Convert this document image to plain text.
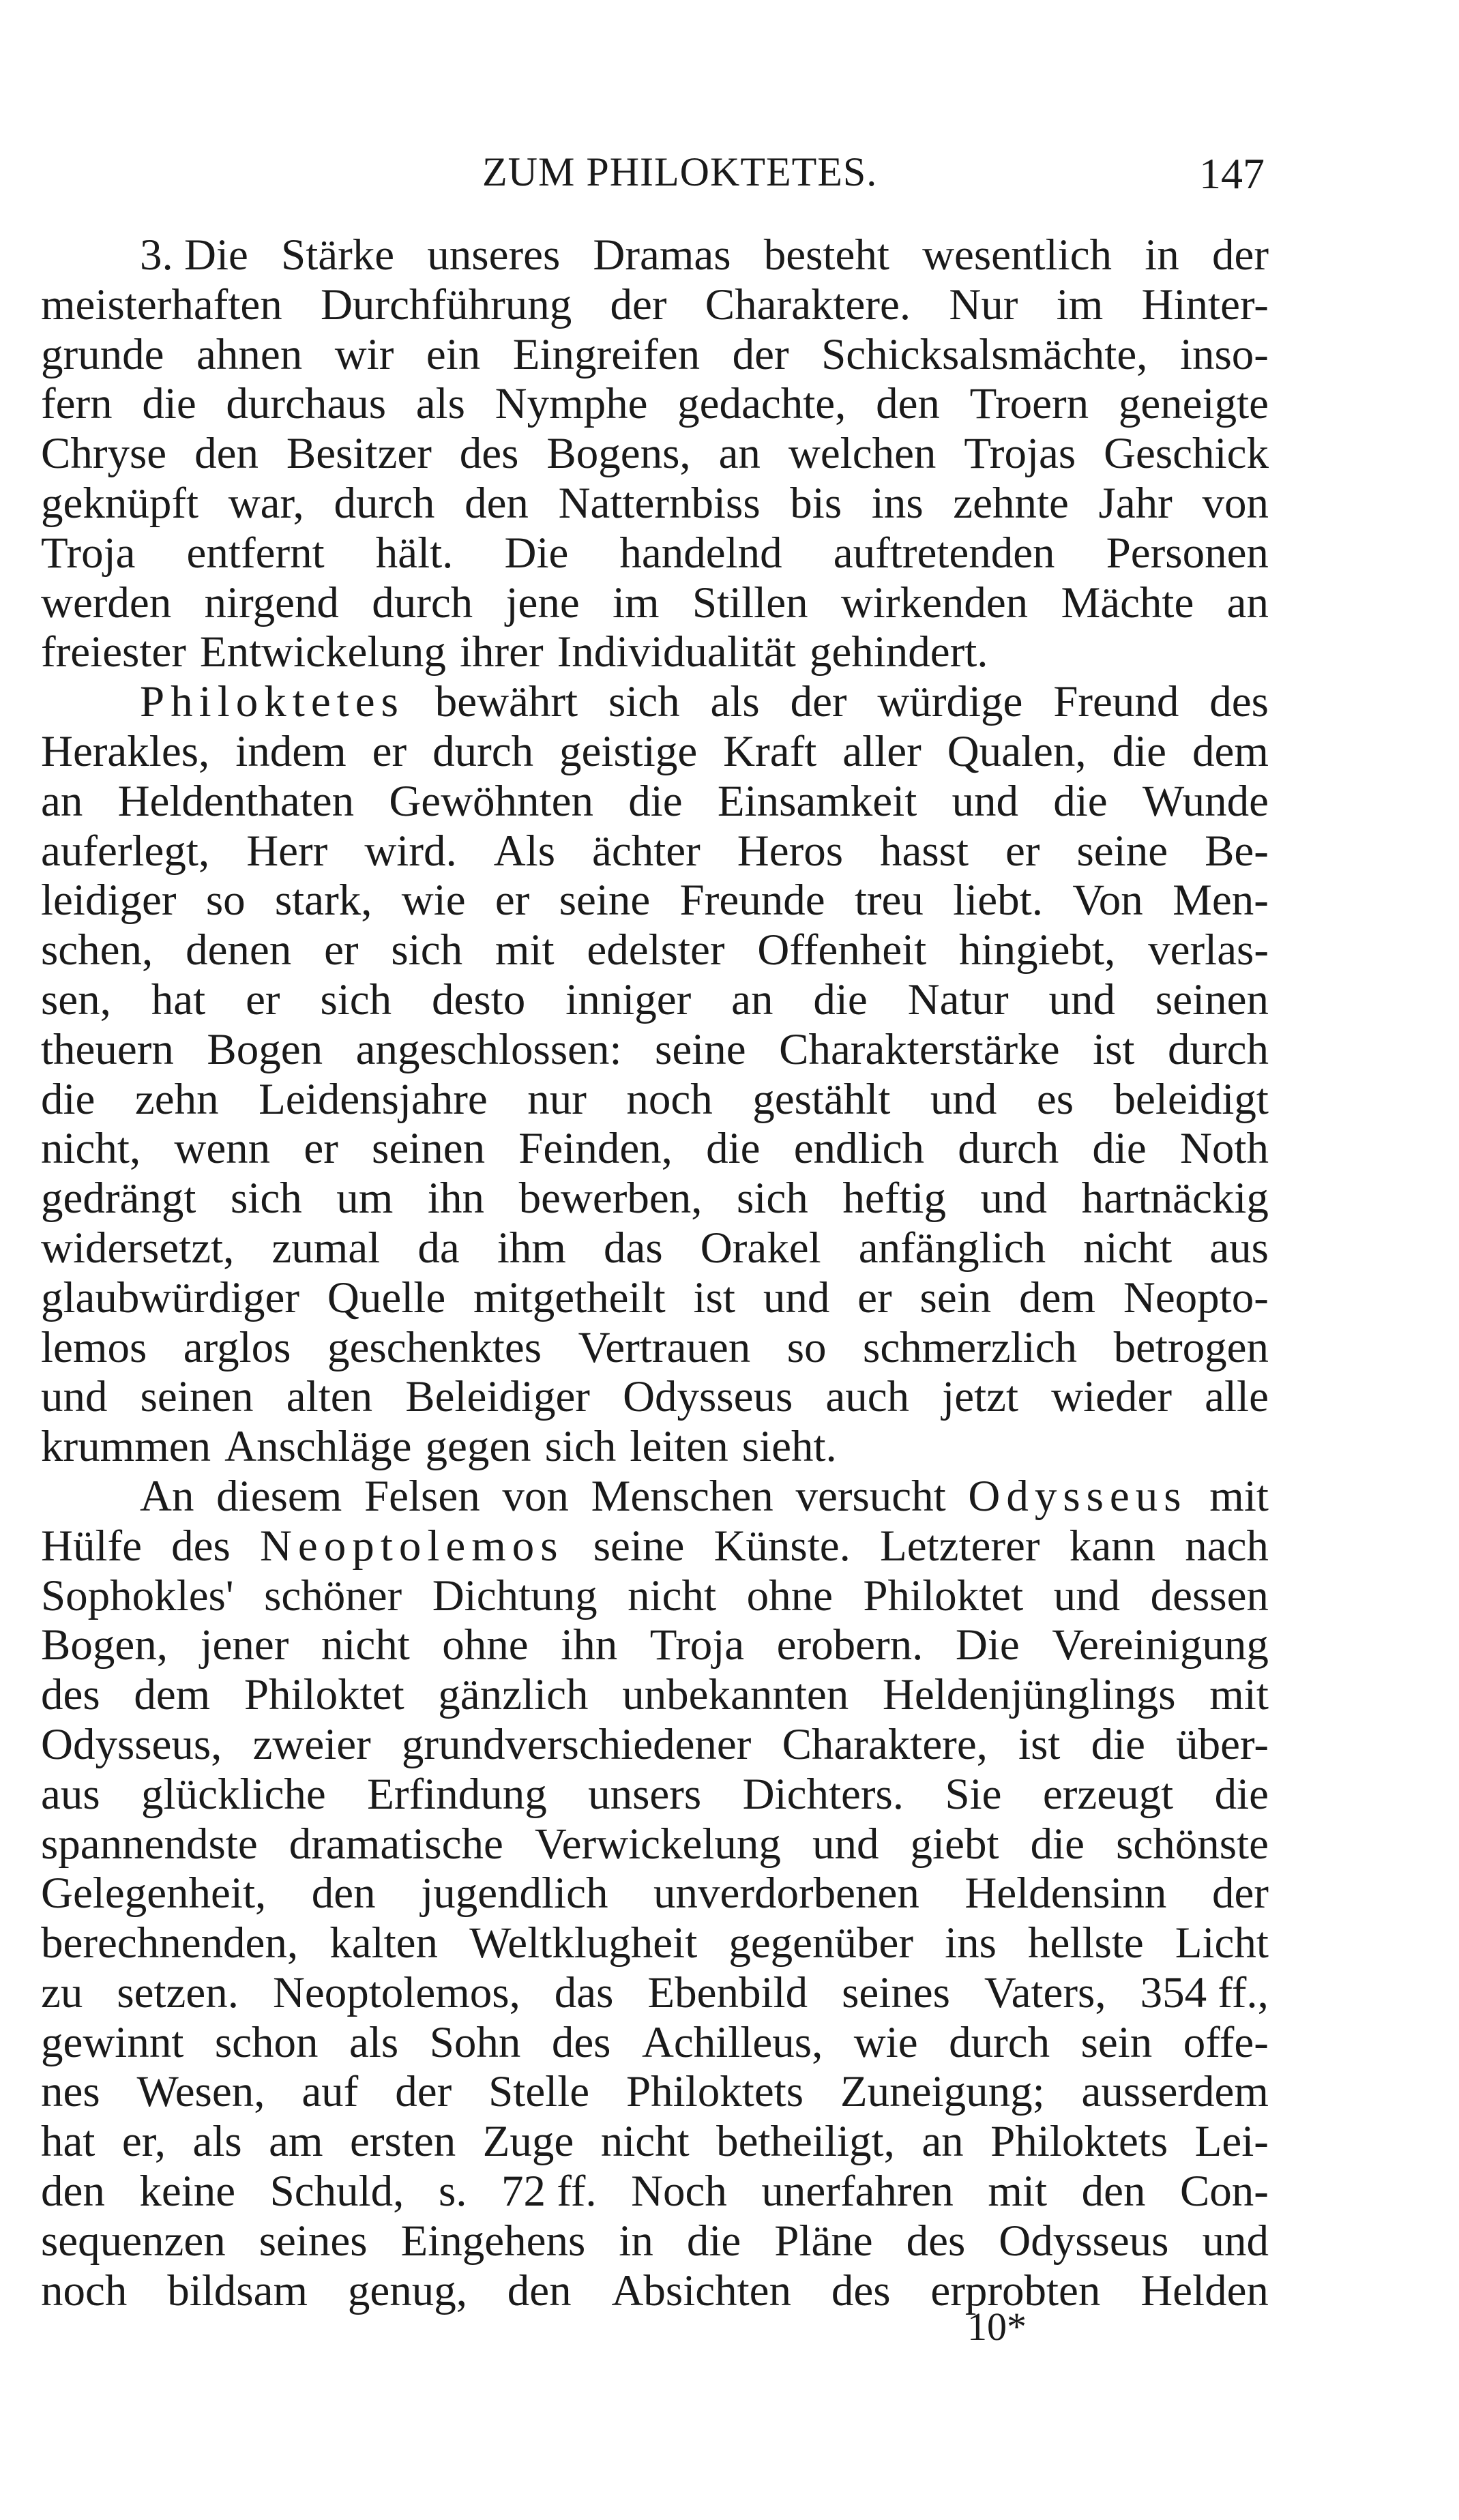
ZUM PHILOKTETES.	147
3. Die Stärke unseres Dramas besteht wesentlich in der
meisterhaften Durchführung der Charaktere. Nur im Hinter-
grunde ahnen wir ein Eingreifen der Schicksalsmächte, inso-
fern die durchaus als Nymphe gedachte, den Troern geneigte
Chryse den Besitzer des Bogens, an welchen Trojas Geschick
geknüpft war, durch den Natternbiss bis ins zehnte Jahr von
Troja entfernt hält. Die handelnd auftretenden Personen
werden nirgend durch jene im Stillen wirkenden Mächte an
freiester Entwickelung ihrer Individualität gehindert.
Philoktetes bewährt sich als der würdige Freund des
Herakles, indem er durch geistige Kraft aller Qualen, die dem
an Heldenthaten Gewöhnten die Einsamkeit und die Wunde
auferlegt, Herr wird. Als ächter Heros hasst er seine Be-
leidiger so stark, wie er seine Freunde treu liebt. Von Men-
schen, denen er sich mit edelster Offenheit hingiebt, verlas-
sen, hat er sich desto inniger an die Natur und seinen
theuern Bogen angeschlossen: seine Charakterstärke ist durch
die zehn Leidensjahre nur noch gestählt und es beleidigt
nicht, wenn er seinen Feinden, die endlich durch die Noth
gedrängt sich um ihn bewerben, sich heftig und hartnäckig
widersetzt, zumal da ihm das Orakel anfänglich nicht aus
glaubwürdiger Quelle mitgetheilt ist und er sein dem Neopto-
lemos arglos geschenktes Vertrauen so schmerzlich betrogen
und seinen alten Beleidiger Odysseus auch jetzt wieder alle
krummen Anschläge gegen sich leiten sieht.
An diesem Felsen von Menschen versucht Odysseus mit
Hülfe des Neoptolemos seine Künste. Letzterer kann nach
Sophokles' schöner Dichtung nicht ohne Philoktet und dessen
Bogen, jener nicht ohne ihn Troja erobern. Die Vereinigung
des dem Philoktet gänzlich unbekannten Heldenjünglings mit
Odysseus, zweier grundverschiedener Charaktere, ist die über-
aus glückliche Erfindung unsers Dichters. Sie erzeugt die
spannendste dramatische Verwickelung und giebt die schönste
Gelegenheit, den jugendlich unverdorbenen Heldensinn der
berechnenden, kalten Weltklugheit gegenüber ins hellste Licht
zu setzen. Neoptolemos, das Ebenbild seines Vaters, 354 ff.,
gewinnt schon als Sohn des Achilleus, wie durch sein offe-
nes Wesen, auf der Stelle Philoktets Zuneigung; ausserdem
hat er, als am ersten Zuge nicht betheiligt, an Philoktets Lei-
den keine Schuld, s. 72 ff. Noch unerfahren mit den Con-
sequenzen seines Eingehens in die Pläne des Odysseus und
noch bildsam genug, den Absichten des erprobten Helden
10*
